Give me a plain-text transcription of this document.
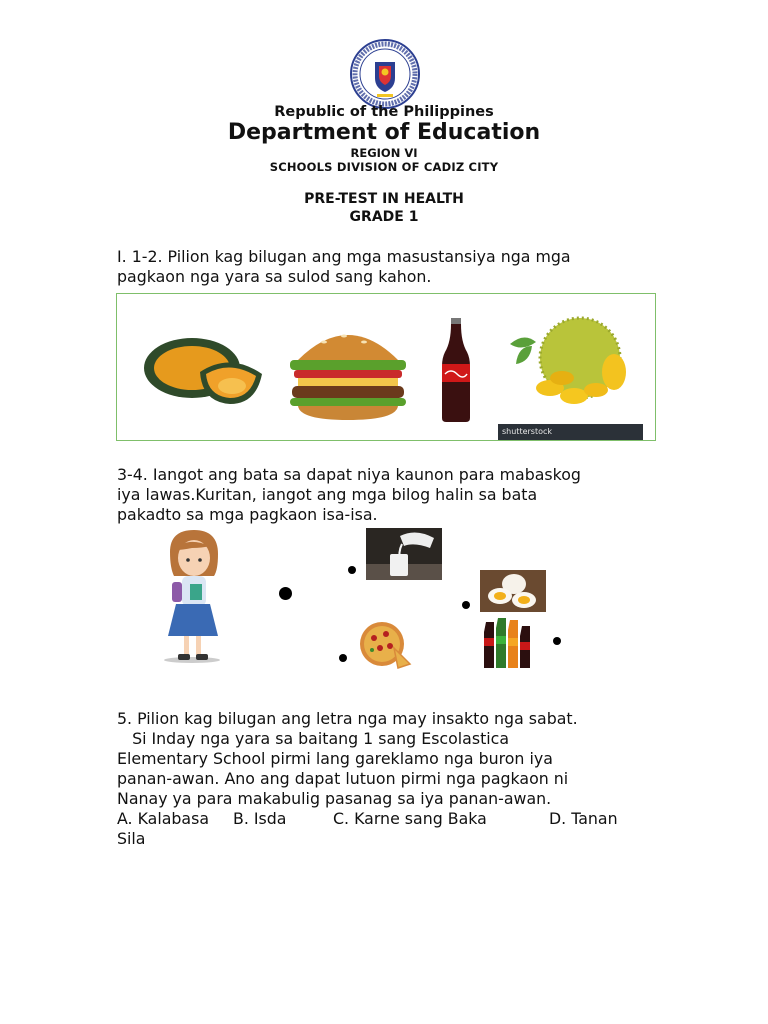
Republic of the Philippines
Department of Education
REGION VI
SCHOOLS DIVISION OF CADIZ CITY
PRE-TEST IN HEALTH
GRADE 1
I. 1-2. Pilion kag bilugan ang mga masustansiya nga mga
pagkaon nga yara sa sulod sang kahon.
shutterstock
3-4. Iangot ang bata sa dapat niya kaunon para mabaskog
iya lawas.Kuritan, iangot ang mga bilog halin sa bata
pakadto sa mga pagkaon isa-isa.
5. Pilion kag bilugan ang letra nga may insakto nga sabat.
Si Inday nga yara sa baitang 1 sang Escolastica
Elementary School pirmi lang gareklamo nga buron iya
panan-awan. Ano ang dapat lutuon pirmi nga pagkaon ni
Nanay ya para makabulig pasanag sa iya panan-awan.
A. Kalabasa B. Isda	C. Karne sang Baka	D. Tanan
Sila
